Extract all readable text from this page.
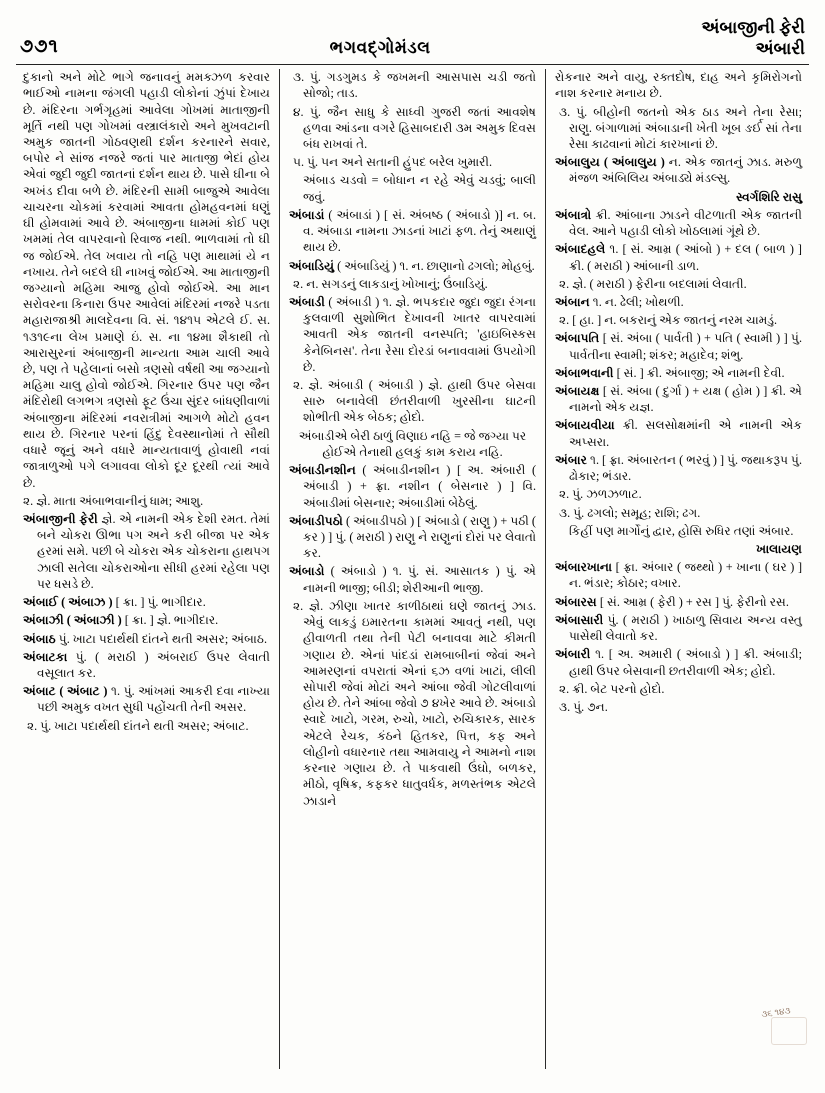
૭૭૧	ભગવદ્ગોમંડલ
અંબાજીની ફેરી
અંબારી
દુકાનો અને મોટે ભાગે જનાવનું મમક્ઝળ કરવાર ભાઈઓ નામના જંગલી પહાડી લોકોનાં ઝુંપાં દેખાય છે. મંદિરના ગર્ભગૃહમાં આવેલા ગોખમાં માતાજીની મૂર્તિ નથી પણ ગોખમાં વસ્ત્રાલંકારો અને મુખવટાની અમુક જાતની ગોઠવણથી દર્શન કરનારને સવાર, બપોર ને સાંજ નજરે જતાં પાર માતાજી ભેદાં હોય એવાં જુદી જુદી જાતનાં દર્શન થાય છે. પાસે ઘીના બે અખંડ દીવા બળે છે. મંદિરની સામી બાજુએ આવેલા ચાચરના ચોકમાં કરવામાં આવતા હોમહવનમાં ધણું ઘી હોમવામાં આવે છે. અંબાજીના ધામમાં કોઈ પણ ખમમાં તેલ વાપરવાનો રિવાજ નથી. ભાળવામાં તો ઘી જ જોઈએ. તેલ ખવાય તો નહિ પણ માથામાં યે ન નખાય. તેને બદલે ઘી નાખવું જોઈએ. આ માતાજીની જગ્યાનો મહિમા આજુ હોવો જોઈએ. આ માન સરોવરના કિનારા ઉપર આવેલાં મંદિરમાં નજરે પડતા મહારાજાશ્રી માલદેવના વિ. સં. ૧૪૧૫ એટલે ઈ. સ. ૧૩૧૯ના લેખ પ્રમાણે ઇં. સ. ના ૧૪મા શૈકાથી તો આરાસુરનાં અંબાજીની માન્યતા આમ ચાલી આવે છે, પણ તે પહેલાનાં બસો ત્રણસો વર્ષથી આ જગ્યાનો મહિમા ચાલુ હોવો જોઈએ. ગિરનાર ઉપર પણ જૈન મંદિરોથી લગભગ ત્રણસો ફૂટ ઉંચા સુંદર બાંધણીવાળાં અંબાજીના મંદિરમાં નવરાત્રીમાં આગળે મોટો હવન થાય છે. ગિરનાર પરનાં હિંદુ દેવસ્થાનોમાં તે સૌથી વધારે જૂનું અને વધારે માન્યતાવાળું હોવાથી નવાં જાત્રાળુઓ પગે લગાવવા લોકો દૂર દૂરથી ત્યાં આવે છે.
૨. જ્ઞે. માતા અંબાભવાનીનું ધામ; આશુ.
અંબાજીની ફેરી જ્ઞે. એ નામની એક દેશી રમત. તેમાં બને ચોકરા ઊભા પગ અને કરી બીજા પર એક હરમાં સમે. પછી બે ચોકરા એક ચોકરાના હાથપગ ઝાલી સતેલા ચોકરાઓના સીધી હરમાં રહેલા ૫ણ પર ધસડે છે.
અંબાઈ ( અંબાઝ ) [ ક્રા. ] પું. ભાગીદાર.
અંબાઝી ( અંબાઝી ) [ ક્રા. ] જ્ઞે. ભાગીદાર.
અંબાઠ પું. ખાટા પદાર્થથી દાંતને થતી અસર; અંબાઠ.
અંબાટકા પું. ( મરાઠી ) અંબરાઈ ઉપર લેવાતી વસૂલાત કર.
અંબાટ ( અંબાટ ) ૧. પું. આંખમાં આકરી દવા નાખ્યા પછી અમુક વખત સુધી પહોંચતી તેની અસર.
૨. પું. ખાટા પદાર્થથી દાંતને થતી અસર; અંબાટ.
૩. પું. ગડગુમડ કે જખમની આસપાસ ચડી જતો સોજો; તાડ.
૪. પું. જૈન સાધુ કે સાધ્વી ગુજરી જતાં આવશેષ હળવા આંડના વગરે હિસાબદારી ૩મ અમુક દિવસ બંધ રાખવાં તે.
૫. પું. ૫ન અને સતાની હુંપદ બરેલ ખુમારી.
અંબાડ ચડવો = બોધાન ન રહે એવું ચડવું; બાલી જવું.
અંબાડાં ( અંબાડાં ) [ સં. અંબષ્ઠ ( અંબાડો )] ન. બ. વ. અંબાડા નામના ઝાડનાં ખાટાં ફળ. તેનું અથાણું થાય છે.
અંબાડિયું ( અંબાડિયું ) ૧. ન. છાણાનો ઢગલો; મોહબું.
૨. ન. સગડનું લાકડાનું ખોખાનું; ઉંબાડિયું.
અંબાડી ( અંબાડી ) ૧. જ્ઞે. ભપકદાર જુદા જુદા રંગના કુલવાળી સુશોભિત દેખાવની ખાતર વાપરવામાં આવતી એક જાતની વનસ્પતિ; 'હાઇબિસ્કસ કેનેબિનસ'. તેના રેસા દોરડાં બનાવવામાં ઉપયોગી છે.
૨. જ્ઞે. અંબાડી ( અંબાડી ) જ્ઞે. હાથી ઉપર બેસવા સારુ બનાવેલી છંતરીવાળી ખુરસીના ઘાટની શોભીતી એક બેઠક; હોદો.
અંબાડીએ બેરી ઠાળું વિણાઇ નહિ = જે જગ્યા પર હોઈએ તેનાથી હલકું કામ કરાય નહિ.
અંબાડીનશીન ( અંબાડીનશીન ) [ અ. અંબારી ( અંબાડી ) + ફ્રા. નશીન ( બેસનાર ) ] વિ. અંબાડીમાં બેસનાર; અંબાડીમાં બેઠેલું.
અંબાડીપઠો ( અંબાડીપઠો ) [ અંબાડો ( રાણુ ) + પઠી ( કર ) ] પું. ( મરાઠી ) રાણુ ને રાણુનાં દોરાં પર લેવાતો કર.
અંબાડો ( અંબાડો ) ૧. પું. સં. આસાતક ) પું. એ નામની ભાજી; બીડી; શેરીઆની ભાજી.
૨. જ્ઞે. ઝીણા ખાતર કાળીઠાથાં ઘણે જાતનું ઝાડ. એવું લાકડું ઇમારતના કામમાં આવતું નથી, પણ હીવાળતી તથા તેની પેટી બનાવવા માટે કીમતી ગણાય છે. એનાં પાંદડાં રામબાબીનાં જેવાં અને આમરણનાં વપરાતાં એનાં ૬ઝ વળાં ખાટાં, લીલી સોપારી જેવાં મોટાં અને આંબા જેવી ગોટલીવાળાં હોય છે. તેને આંબા જેવો ૭ ૪ખેર આવે છે. અંબાડો સ્વાદે ખાટો, ગરમ, રુચો, ખાટો, રુચિકારક, સારક એટલે રેચક, કંઠને હિતકર, પિત્ત, કફ અને લોહીનો વધારનાર તથા આમવાયુ ને આમનો નાશ કરનાર ગણાય છે. તે પાકવાથી ઉંઘો, બળકર, મીઠો, વૃષિક્ર, કફકર ધાતુવર્ધક, મળસ્તંભક એટલે ઝાડાને
રોકનાર અને વાયુ, રક્તદોષ, દાહ અને કૃમિરોગનો નાશ કરનાર મનાય છે.
૩. પું. બીહોની જતનો એક ઠાડ અને તેના રેસા; રાણુ. બંગાળામાં અંબાડાની ખેતી ખૂબ ઙર્ઈ સાં તેના રેસા કાઢવાનાં મોટાં કારખાનાં છે.
અંબાલુય ( અંબાલુય ) ન. એક જાતનું ઝાડ. મરુળુ મંજળ અંબિલિય અંબાડ્યે મંડલ્સુ.
સ્વર્ગશિરિ રાસુ
અંબાત્રો ક્રી. આંબાના ઝાડને વીટળાતી એક જાતની વેલ. આને પહાડી લોકો ખોઠલામાં ગૂંથે છે.
અંબાદહલે ૧. [ સં. આમ્ર ( આંબો ) + દલ ( બાળ ) ] ક્રી. ( મરાઠી ) આંબાની ડાળ.
૨. જ્ઞે. ( મરાઠી ) ફેરીના બદલામાં લેવાતી.
અંબાન ૧. ન. ઢેલી; ખોથળી.
૨. [ હા. ] ન. બકરાનું એક જાતનું નરમ ચામડું.
અંબાપતિ [ સં. અંબા ( પાર્વતી ) + પતિ ( સ્વામી ) ] પું. પાર્વતીના સ્વામી; શંકર; મહાદેવ; શંભુ.
અંબાભવાની [ સં. ] ક્રી. અંબાજી; એ નામની દેવી.
અંબાયક્ષ [ સં. અંબા ( દુર્ગા ) + યક્ષ ( હોમ ) ] ક્રી. એ નામનો એક યજ્ઞ.
અંબાયવીયા ક્રી. સલસોક્ષમાંની એ નામની એક અપ્સરા.
અંબાર ૧. [ ફ્રા. અંબારતન ( ભરવું ) ] પું. જથાકરૂપ પું. ઢોકાર; ભંડાર.
૨. પું. ઝળઝળાટ.
૩. પું. ઢગલો; સમૂહ; રાશિ; ઢગ.
કિહીં પણ માર્ગોનું દ્વાર, હોસિ રુધિર તણાં અંબાર.
ખાલાયણ
અંબારખાના [ ફ્રા. અંબાર ( જથ્થો ) + ખાના ( ઘર ) ] ન. ભંડાર; કોઠાર; વખાર.
અંબારસ [ સં. આમ્ર ( ફેરી ) + રસ ] પું. ફેરીનો રસ.
અંબાસારી પું. ( મરાઠી ) ખાઠાળુ સિવાય અન્ય વસ્તુ પાસેથી લેવાતો કર.
અંબારી ૧. [ અ. અમારી ( અંબાડો ) ] ક્રી. અંબાડી; હાથી ઉપર બેસવાની છતરીવાળી એક; હોદો.
૨. ક્રી. બેટ પરનો હોદો.
૩. પું. ૭ન.
૩૬ ૧૪૩
